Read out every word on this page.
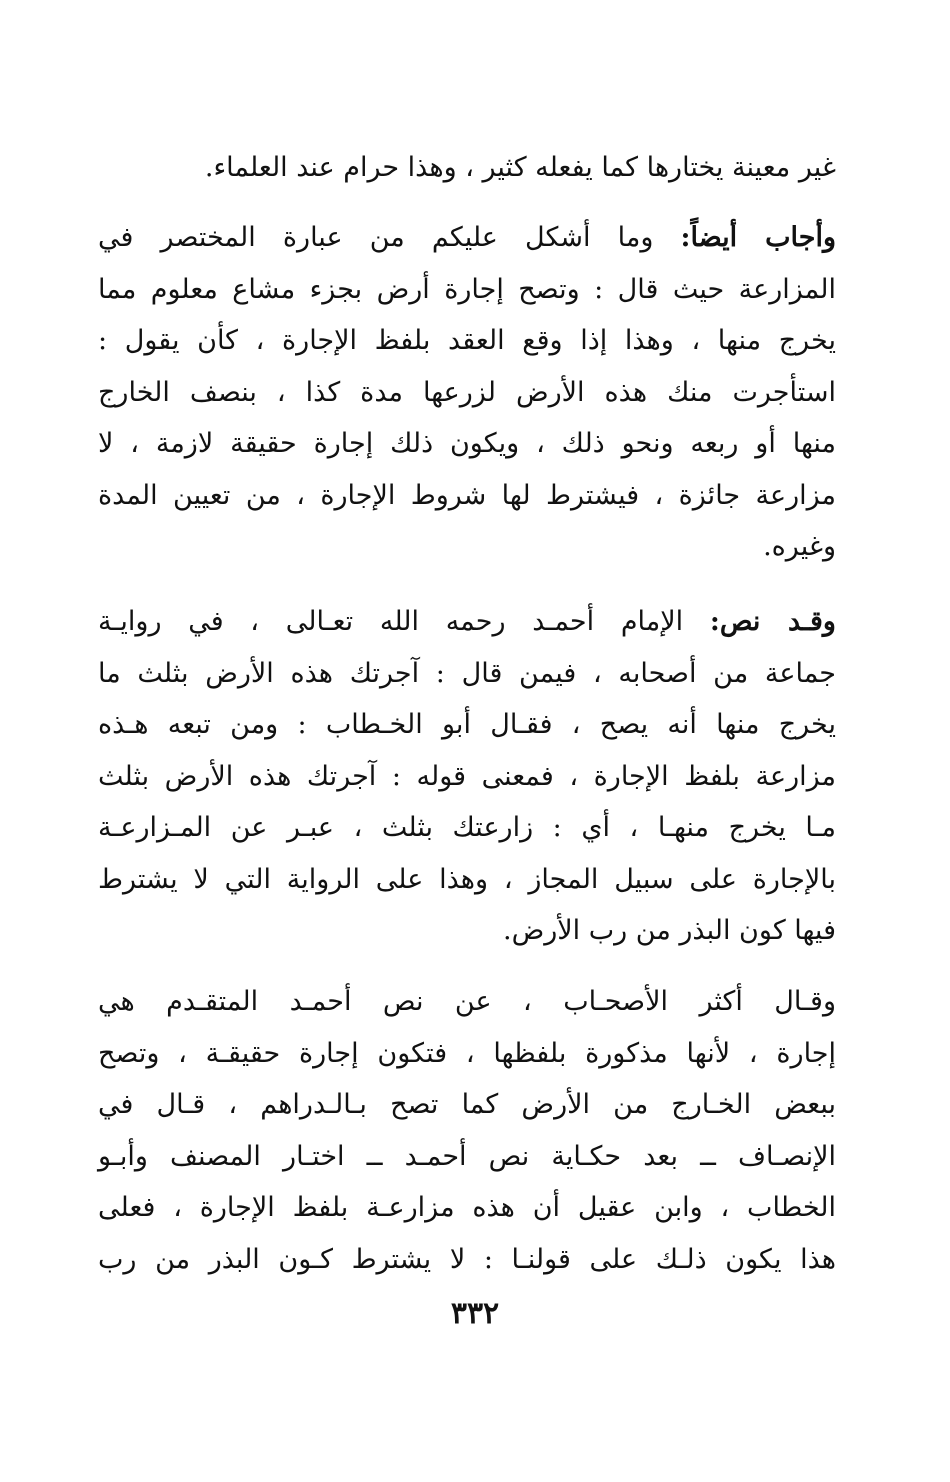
غير معينة يختارها كما يفعله كثير ، وهذا حرام عند العلماء.
وأجاب أيضاً: وما أشكل عليكم من عبارة المختصر في
المزارعة حيث قال : وتصح إجارة أرض بجزء مشاع معلوم مما
يخرج منها ، وهذا إذا وقع العقد بلفظ الإجارة ، كأن يقول :
استأجرت منك هذه الأرض لزرعها مدة كذا ، بنصف الخارج
منها أو ربعه ونحو ذلك ، ويكون ذلك إجارة حقيقة لازمة ، لا
مزارعة جائزة ، فيشترط لها شروط الإجارة ، من تعيين المدة
وغيره.
وقـد نص: الإمام أحمـد رحمه الله تعـالى ، في روايـة
جماعة من أصحابه ، فيمن قال : آجرتك هذه الأرض بثلث ما
يخرج منها أنه يصح ، فقـال أبو الخـطاب : ومن تبعه هـذه
مزارعة بلفظ الإجارة ، فمعنى قوله : آجرتك هذه الأرض بثلث
مـا يخرج منهـا ، أي : زارعتك بثلث ، عبـر عن المـزارعـة
بالإجارة على سبيل المجاز ، وهذا على الرواية التي لا يشترط
فيها كون البذر من رب الأرض.
وقـال أكثر الأصحـاب ، عن نص أحمـد المتقـدم هي
إجارة ، لأنها مذكورة بلفظها ، فتكون إجارة حقيقـة ، وتصح
ببعض الخـارج من الأرض كما تصح بـالـدراهم ، قـال في
الإنصـاف ــ بعد حكـاية نص أحمـد ــ اختـار المصنف وأبـو
الخطاب ، وابن عقيل أن هذه مزارعـة بلفظ الإجارة ، فعلى
هذا يكون ذلـك على قولنـا : لا يشترط كـون البذر من رب
٣٣٢
